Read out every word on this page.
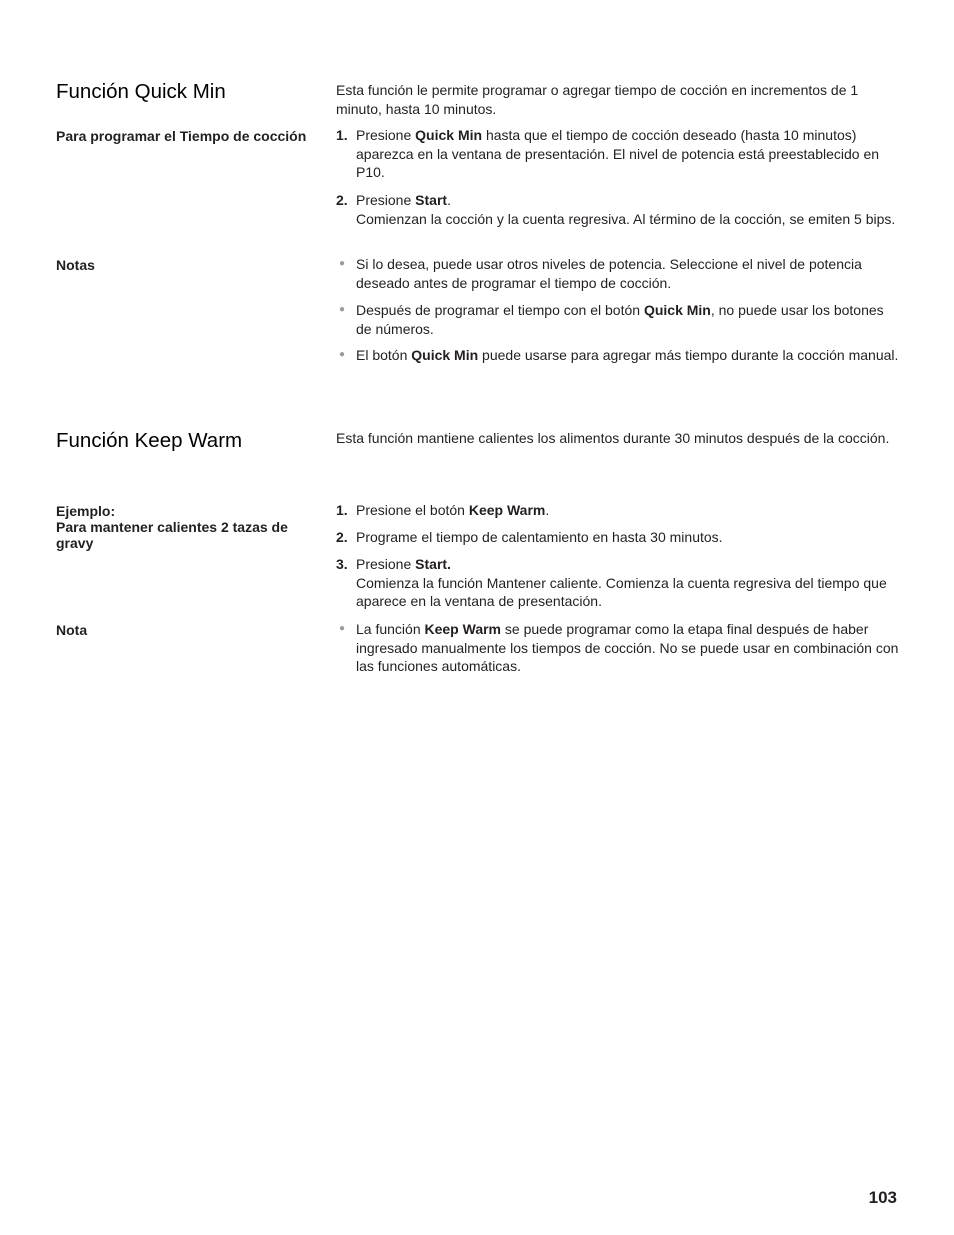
Función Quick Min	Esta función le permite programar o agregar tiempo de cocción en incrementos de 1 minuto, hasta 10 minutos.
Para programar el Tiempo de cocción 1. Presione Quick Min hasta que el tiempo de cocción deseado (hasta 10 minutos) aparezca en la ventana de presentación. El nivel de potencia está preestablecido en P10.
2. Presione Start.
Comienzan la cocción y la cuenta regresiva. Al término de la cocción, se emiten 5 bips.
Notas	● Si lo desea, puede usar otros niveles de potencia. Seleccione el nivel de potencia deseado antes de programar el tiempo de cocción.
● Después de programar el tiempo con el botón Quick Min, no puede usar los botones de números.
● El botón Quick Min puede usarse para agregar más tiempo durante la cocción manual.
Función Keep Warm	Esta función mantiene calientes los alimentos durante 30 minutos después de la cocción.
Ejemplo:
Para mantener calientes 2 tazas de gravy
1. Presione el botón Keep Warm.
2. Programe el tiempo de calentamiento en hasta 30 minutos.
3. Presione Start.
Comienza la función Mantener caliente. Comienza la cuenta regresiva del tiempo que aparece en la ventana de presentación.
Nota	● La función Keep Warm se puede programar como la etapa final después de haber ingresado manualmente los tiempos de cocción. No se puede usar en combinación con las funciones automáticas.
103
